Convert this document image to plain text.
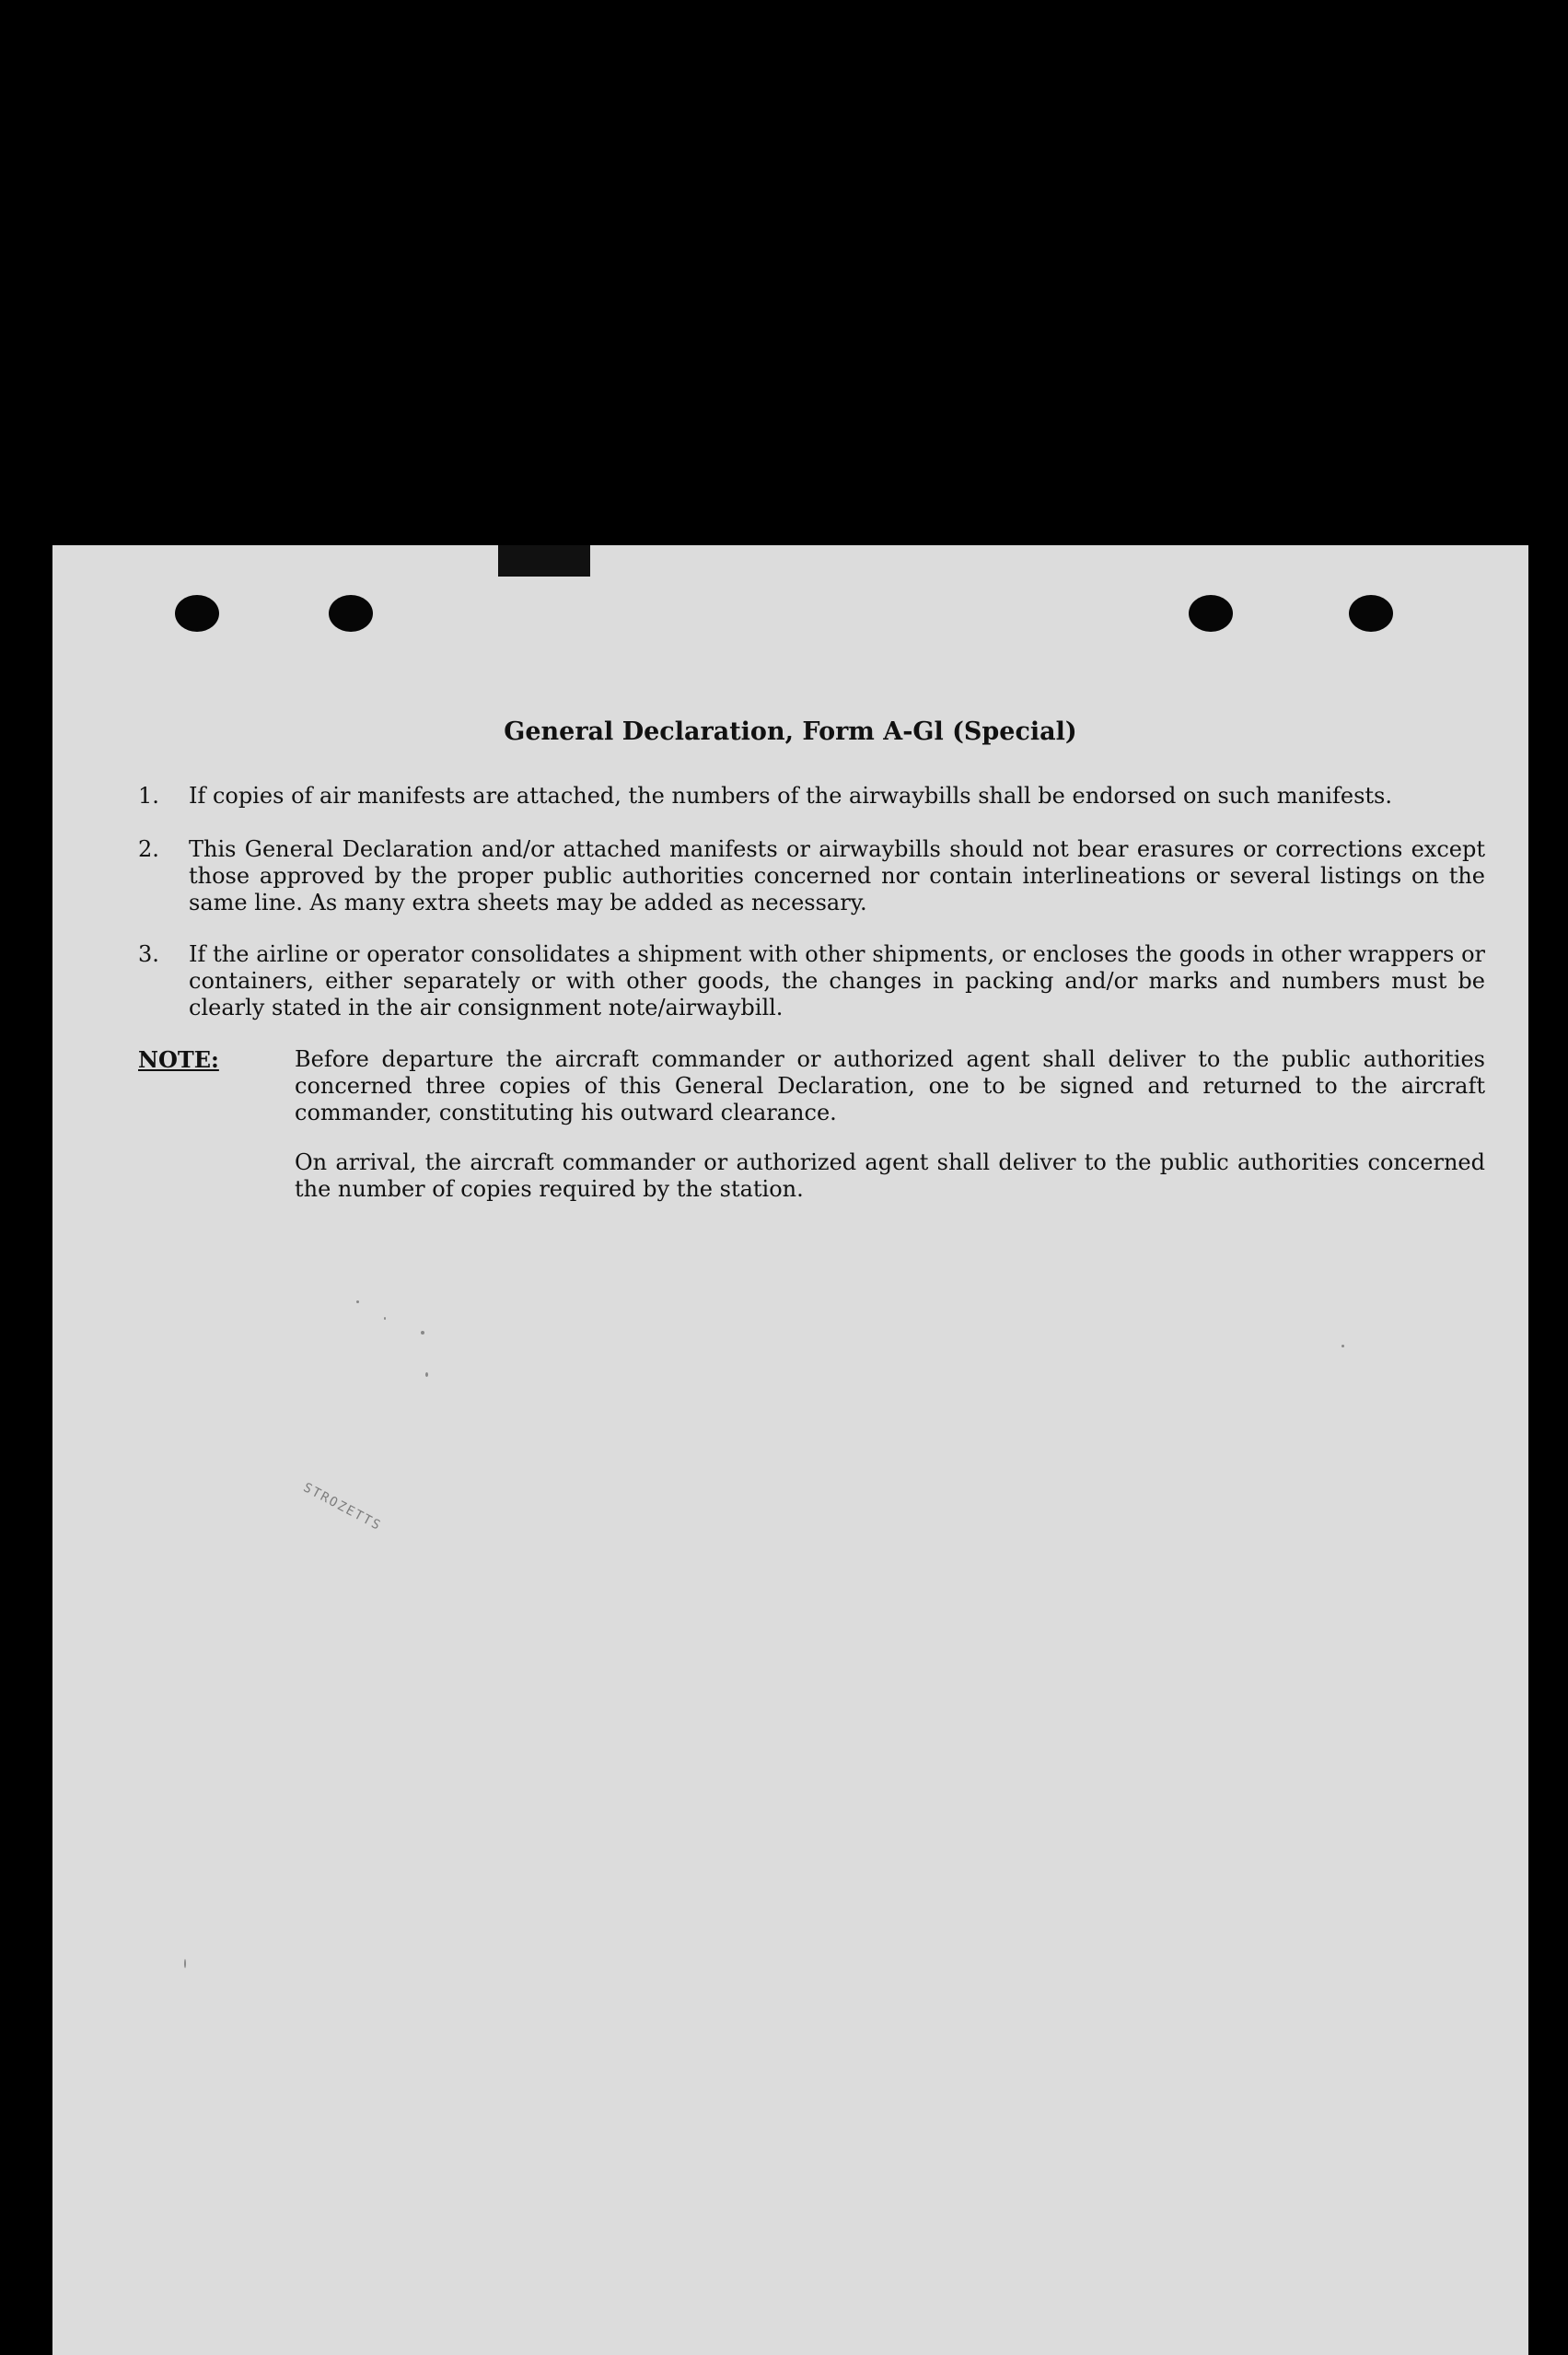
General Declaration, Form A-Gl (Special)
1.	If copies of air manifests are attached, the numbers of the airwaybills shall be endorsed on such manifests.
2.	This General Declaration and/or attached manifests or airwaybills should not bear erasures or corrections except those approved by the proper public authorities concerned nor contain interlineations or several listings on the same line. As many extra sheets may be added as necessary.
3.	If the airline or operator consolidates a shipment with other shipments, or encloses the goods in other wrappers or containers, either separately or with other goods, the changes in packing and/or marks and numbers must be clearly stated in the air consignment note/airwaybill.
NOTE:	Before departure the aircraft commander or authorized agent shall deliver to the public authorities concerned three copies of this General Declaration, one to be signed and returned to the aircraft commander, constituting his outward clearance.
On arrival, the aircraft commander or authorized agent shall deliver to the public authorities concerned the number of copies required by the station.
STROZETTS
